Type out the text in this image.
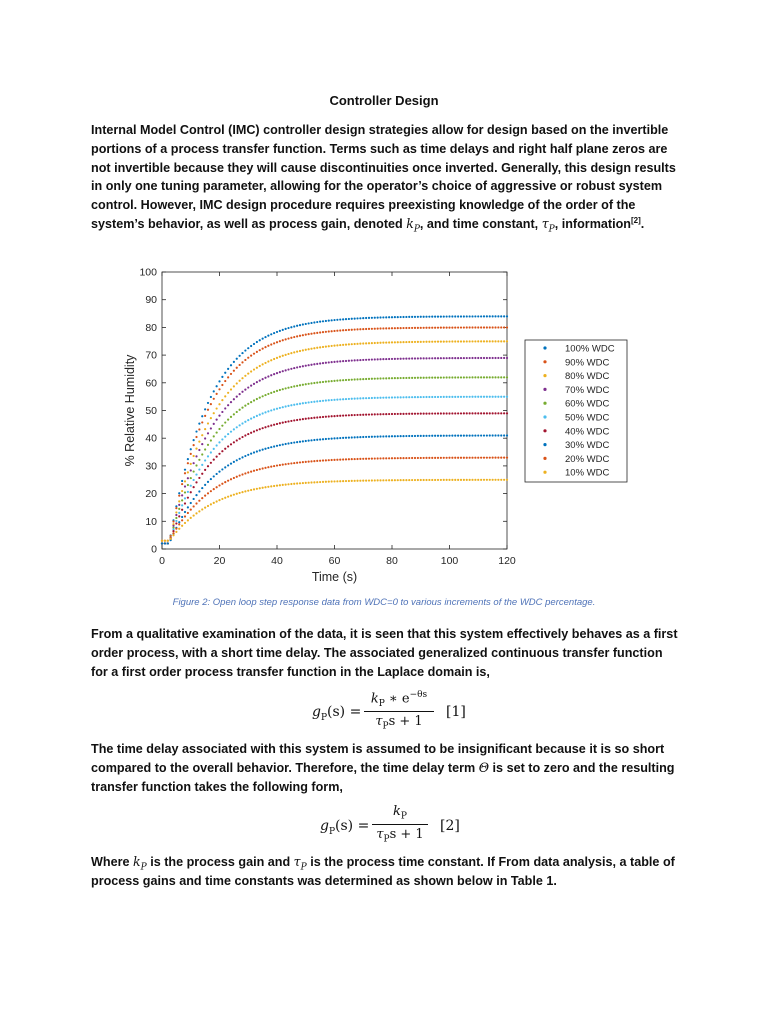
Controller Design
Internal Model Control (IMC) controller design strategies allow for design based on the invertible portions of a process transfer function. Terms such as time delays and right half plane zeros are not invertible because they will cause discontinuities once inverted. Generally, this design results in only one tuning parameter, allowing for the operator’s choice of aggressive or robust system control. However, IMC design procedure requires preexisting knowledge of the order of the system’s behavior, as well as process gain, denoted $k_P$, and time constant, $\tau_P$, information[2].
0
10
20
30
40
50
60
70
80
90
100
0	20	40	60	80	100	120
Time (s)
% Relative Humidity
100% WDC
90% WDC
80% WDC
70% WDC
60% WDC
50% WDC
40% WDC
30% WDC
20% WDC
10% WDC
Figure 2: Open loop step response data from WDC=0 to various increments of the WDC percentage.
From a qualitative examination of the data, it is seen that this system effectively behaves as a first order process, with a short time delay. The associated generalized continuous transfer function for a first order process transfer function in the Laplace domain is,
$g_P(s)$ =
$k_P$ ∗ $e^{-\theta s}$
$\tau_Ps + 1$
[1]
The time delay associated with this system is assumed to be insignificant because it is so short compared to the overall behavior. Therefore, the time delay term Θ is set to zero and the resulting transfer function takes the following form,
$g_P(s)$ =
$k_P$
$\tau_Ps + 1$
[2]
Where $k_P$ is the process gain and $\tau_P$ is the process time constant. If From data analysis, a table of process gains and time constants was determined as shown below in Table 1.
